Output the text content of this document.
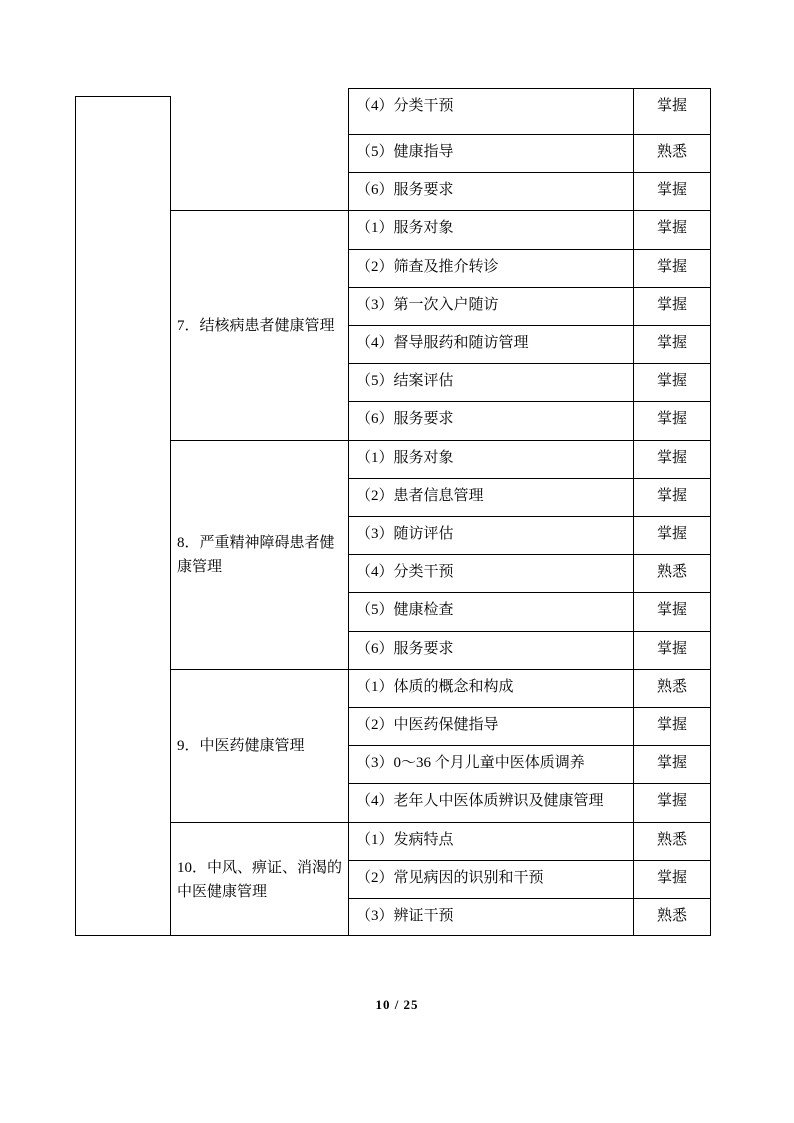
（4）分类干预	掌握
（5）健康指导	熟悉
（6）服务要求	掌握
7．结核病患者健康管理
（1）服务对象	掌握
（2）筛查及推介转诊	掌握
（3）第一次入户随访	掌握
（4）督导服药和随访管理	掌握
（5）结案评估	掌握
（6）服务要求	掌握
8．严重精神障碍患者健
康管理
（1）服务对象	掌握
（2）患者信息管理	掌握
（3）随访评估	掌握
（4）分类干预	熟悉
（5）健康检查	掌握
（6）服务要求	掌握
9．中医药健康管理
（1）体质的概念和构成	熟悉
（2）中医药保健指导	掌握
（3）0～36 个月儿童中医体质调养	掌握
（4）老年人中医体质辨识及健康管理	掌握
10．中风、痹证、消渴的
中医健康管理
（1）发病特点	熟悉
（2）常见病因的识别和干预	掌握
（3）辨证干预	熟悉
10 / 25
